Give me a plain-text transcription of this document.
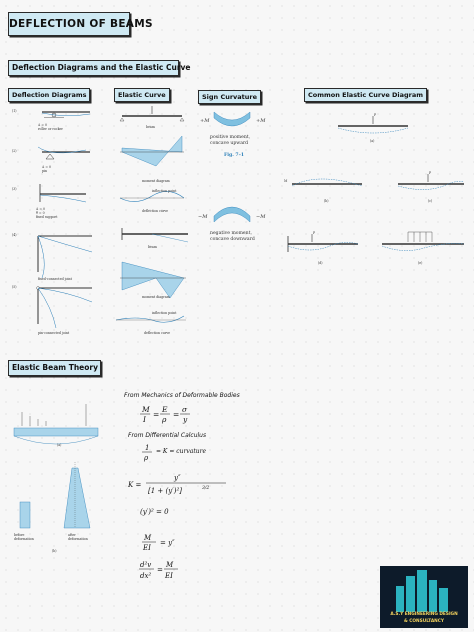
DEFLECTION OF BEAMS
Deflection Diagrams and the Elastic Curve
Deflection Diagrams	Elastic Curve	Sign Curvature	Common Elastic Curve Diagram
(1)
Δ = 0
roller or rocker
(2)
Δ = 0
pin
(3)
Δ = 0
θ = 0
fixed support
(4)
fixed-connected joint
(5)
pin-connected joint
beam
moment diagram
inflection point
deflection curve
beam
moment diagram
inflection point
deflection curve
+M	+M
positive moment,
concave upward
Fig. 7–1
−M	−M
negative moment,
concave downward
P
(a)
M
(b)
P
(c)
P
(d)	(e)
Elastic Beam Theory
(a)
before
deformation
after
deformation
(b)
From Mechanics of Deformable Bodies
M
I
=
E
ρ
=
σ
y
From Differential Calculus
1
ρ
= K = curvature
K =
y″
[1 + (y′)²]	3/2
(y′)² = 0
M
EI
= y″
d²v
dx²
=
M
EI
A.S.Y ENGINEERING DESIGN
& CONSULTANCY
